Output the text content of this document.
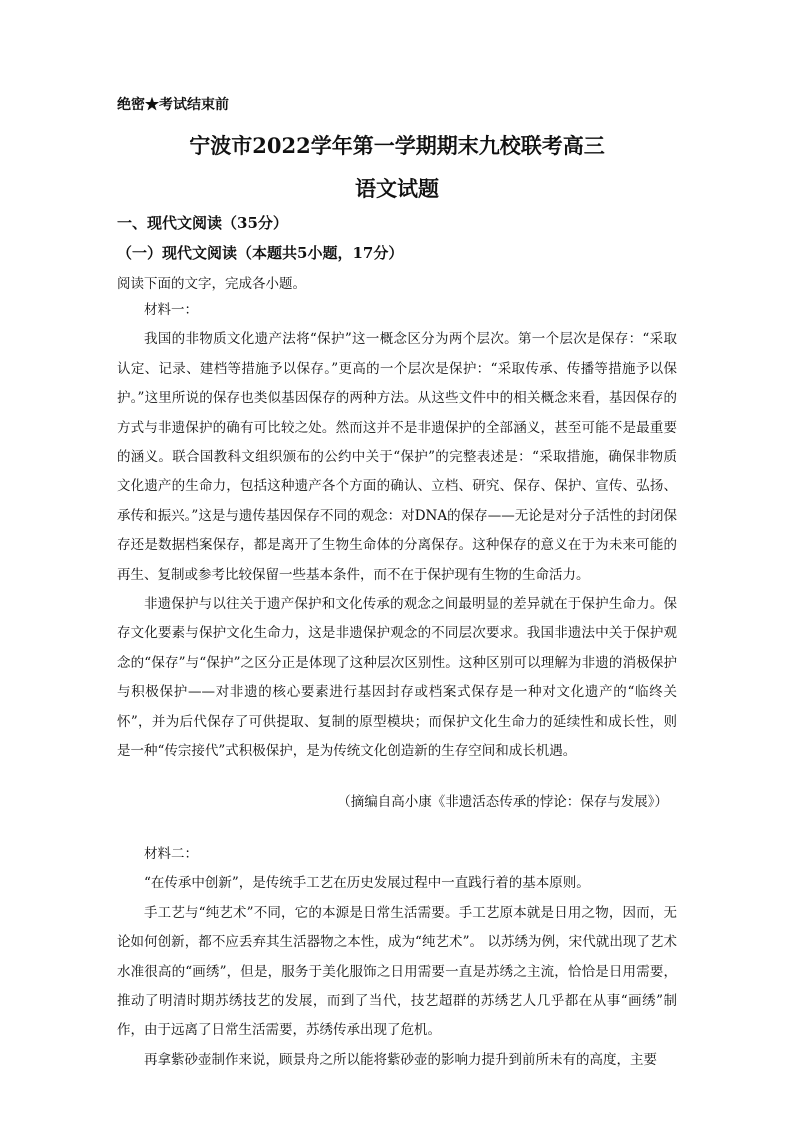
绝密★考试结束前
宁波市2022学年第一学期期末九校联考高三
语文试题
一、现代文阅读（35分）
（一）现代文阅读（本题共5小题，17分）
阅读下面的文字，完成各小题。

材料一：

我国的非物质文化遗产法将“保护”这一概念区分为两个层次。第一个层次是保存：“采取认定、记录、建档等措施予以保存。”更高的一个层次是保护：“采取传承、传播等措施予以保护。”这里所说的保存也类似基因保存的两种方法。从这些文件中的相关概念来看，基因保存的方式与非遗保护的确有可比较之处。然而这并不是非遗保护的全部涵义，甚至可能不是最重要的涵义。联合国教科文组织颁布的公约中关于“保护”的完整表述是：“采取措施，确保非物质文化遗产的生命力，包括这种遗产各个方面的确认、立档、研究、保存、保护、宣传、弘扬、承传和振兴。”这是与遗传基因保存不同的观念：对DNA的保存——无论是对分子活性的封闭保存还是数据档案保存，都是离开了生物生命体的分离保存。这种保存的意义在于为未来可能的再生、复制或参考比较保留一些基本条件，而不在于保护现有生物的生命活力。

非遗保护与以往关于遗产保护和文化传承的观念之间最明显的差异就在于保护生命力。保存文化要素与保护文化生命力，这是非遗保护观念的不同层次要求。我国非遗法中关于保护观念的“保存”与“保护”之区分正是体现了这种层次区别性。这种区别可以理解为非遗的消极保护与积极保护——对非遗的核心要素进行基因封存或档案式保存是一种对文化遗产的“临终关怀”，并为后代保存了可供提取、复制的原型模块；而保护文化生命力的延续性和成长性，则是一种“传宗接代”式积极保护，是为传统文化创造新的生存空间和成长机遇。

（摘编自高小康《非遗活态传承的悖论：保存与发展》）

材料二：

“在传承中创新”，是传统手工艺在历史发展过程中一直践行着的基本原则。

手工艺与“纯艺术”不同，它的本源是日常生活需要。手工艺原本就是日用之物，因而，无论如何创新，都不应丢弃其生活器物之本性，成为“纯艺术”。 以苏绣为例，宋代就出现了艺术水准很高的“画绣”，但是，服务于美化服饰之日用需要一直是苏绣之主流，恰恰是日用需要，推动了明清时期苏绣技艺的发展，而到了当代，技艺超群的苏绣艺人几乎都在从事“画绣”制作，由于远离了日常生活需要，苏绣传承出现了危机。

再拿紫砂壶制作来说，顾景舟之所以能将紫砂壶的影响力提升到前所未有的高度，主要
